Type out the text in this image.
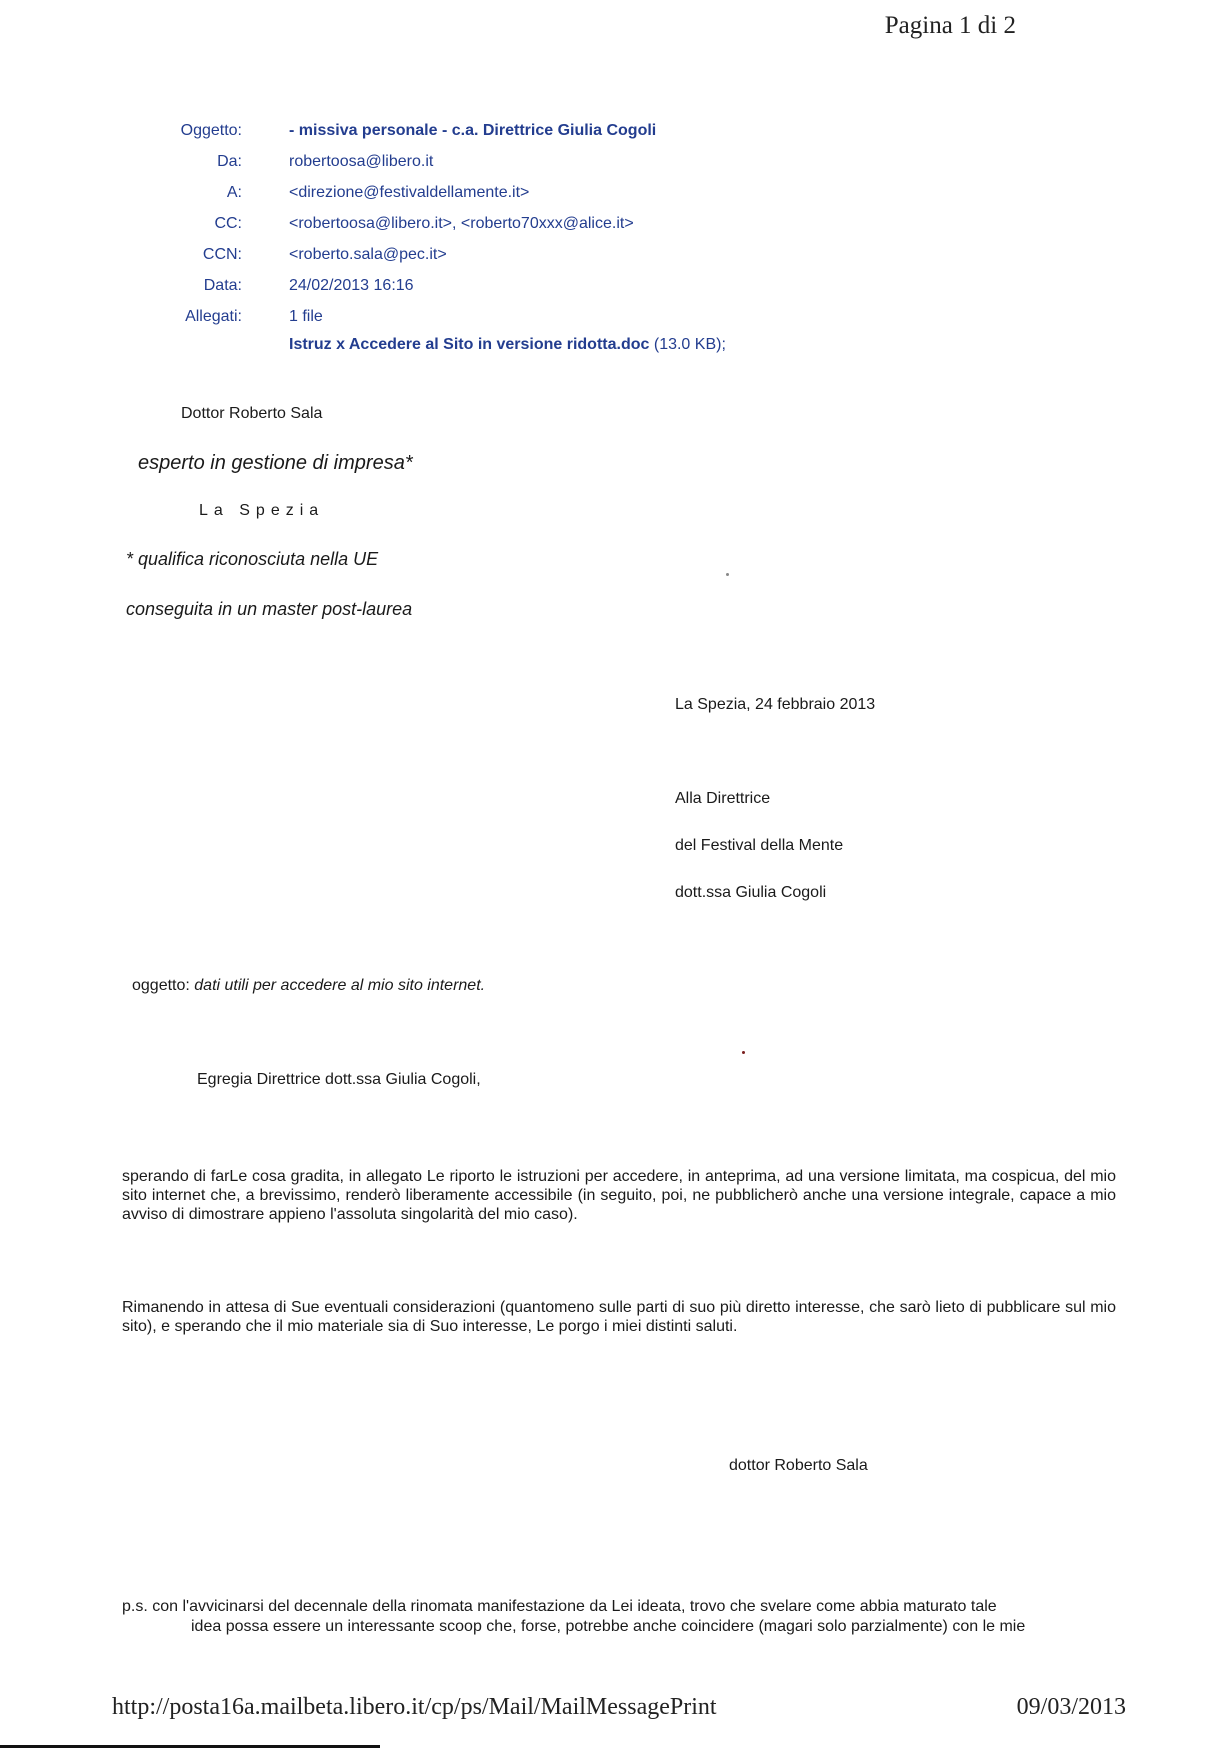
Pagina 1 di 2
Oggetto:	- missiva personale - c.a. Direttrice Giulia Cogoli
Da:	robertoosa@libero.it
A:	<direzione@festivaldellamente.it>
CC:	<robertoosa@libero.it>, <roberto70xxx@alice.it>
CCN:	<roberto.sala@pec.it>
Data:	24/02/2013 16:16
Allegati:	1 file
Istruz x Accedere al Sito in versione ridotta.doc (13.0 KB);
Dottor Roberto Sala
esperto in gestione di impresa*
La Spezia
* qualifica riconosciuta nella UE
conseguita in un master post-laurea
La Spezia, 24 febbraio 2013
Alla Direttrice
del Festival della Mente
dott.ssa Giulia Cogoli
oggetto: dati utili per accedere al mio sito internet.
Egregia Direttrice dott.ssa Giulia Cogoli,
sperando di farLe cosa gradita, in allegato Le riporto le istruzioni per accedere, in anteprima, ad una versione limitata, ma cospicua, del mio sito internet che, a brevissimo, renderò liberamente accessibile (in seguito, poi, ne pubblicherò anche una versione integrale, capace a mio avviso di dimostrare appieno l'assoluta singolarità del mio caso).
Rimanendo in attesa di Sue eventuali considerazioni (quantomeno sulle parti di suo più diretto interesse, che sarò lieto di pubblicare sul mio sito), e sperando che il mio materiale sia di Suo interesse, Le porgo i miei distinti saluti.
dottor Roberto Sala
p.s. con l'avvicinarsi del decennale della rinomata manifestazione da Lei ideata, trovo che svelare come abbia maturato tale
idea possa essere un interessante scoop che, forse, potrebbe anche coincidere (magari solo parzialmente) con le mie
http://posta16a.mailbeta.libero.it/cp/ps/Mail/MailMessagePrint	09/03/2013
